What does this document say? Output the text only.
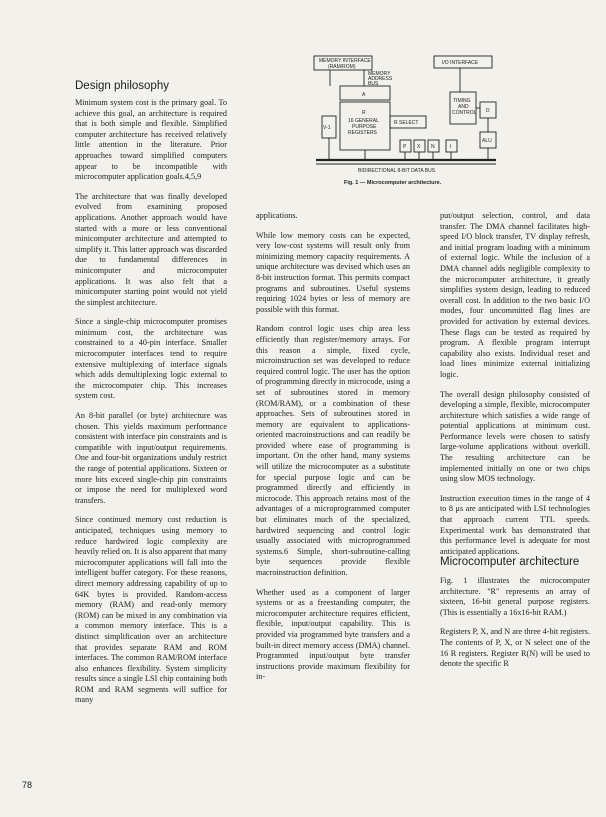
Design philosophy

Minimum system cost is the primary goal. To achieve this goal, an architecture is required that is both simple and flexible. Simplified computer architecture has received relatively little attention in the literature. Prior approaches toward simplified computers appear to be incompatible with microcomputer application goals.4,5,9

The architecture that was finally developed evolved from examining proposed applications. Another approach would have started with a more or less conventional minicomputer architecture and attempted to simplify it. This latter approach was discarded due to fundamental differences in minicomputer and microcomputer applications. It was also felt that a minicomputer starting point would not yield the simplest architecture.

Since a single-chip microcomputer promises minimum cost, the architecture was constrained to a 40-pin interface. Smaller microcomputer interfaces tend to require extensive multiplexing of interface signals which adds demultiplexing logic external to the microcomputer chip. This increases system cost.

An 8-bit parallel (or byte) architecture was chosen. This yields maximum performance consistent with interface pin constraints and is compatible with input/output requirements. One and four-bit organizations unduly restrict the range of potential applications. Sixteen or more bits exceed single-chip pin constraints or impose the need for multiplexed word transfers.

Since continued memory cost reduction is anticipated, techniques using memory to reduce hardwired logic complexity are heavily relied on. It is also apparent that many microcomputer applications will fall into the intelligent buffer category. For these reasons, direct memory addressing capability of up to 64K bytes is provided. Random-access memory (RAM) and read-only memory (ROM) can be mixed in any combination via a common memory interface. This is a distinct simplification over an architecture that provides separate RAM and ROM interfaces. The common RAM/ROM interface also enhances flexibility. System simplicity results since a single LSI chip containing both ROM and RAM segments will suffice for many

MEMORY INTERFACE
(RAM/ROM)
I/O INTERFACE
MEMORY
ADDRESS
BUS
A
R
16 GENERAL
PURPOSE
REGISTERS
R SELECT
V-1
TIMING
AND
CONTROL D
ALU
P X N	I
BIDIRECTIONAL 8-BIT DATA BUS
Fig. 1 — Microcomputer architecture.

applications.

While low memory costs can be expected, very low-cost systems will result only from minimizing memory capacity requirements. A unique architecture was devised which uses an 8-bit instruction format. This permits compact programs and subroutines. Useful systems requiring 1024 bytes or less of memory are possible with this format.

Random control logic uses chip area less efficiently than register/memory arrays. For this reason a simple, fixed cycle, microinstruction set was developed to reduce required control logic. The user has the option of programming directly in microcode, using a set of subroutines stored in memory (ROM/RAM), or a combination of these approaches. Sets of subroutines stored in memory are equivalent to applications-oriented macroinstructions and can readily be provided where ease of programming is important. On the other hand, many systems will utilize the microcomputer as a substitute for special purpose logic and can be programmed directly and efficiently in microcode. This approach retains most of the advantages of a microprogrammed computer but eliminates much of the specialized, hardwired sequencing and control logic usually associated with microprogrammed systems.6 Simple, short-subroutine-calling byte sequences provide flexible macroinstruction definition.

Whether used as a component of larger systems or as a freestanding computer, the microcomputer architecture requires efficient, flexible, input/output capability. This is provided via programmed byte transfers and a built-in direct memory access (DMA) channel. Programmed input/output byte transfer instructions provide maximum flexibility for in-

put/output selection, control, and data transfer. The DMA channel facilitates high-speed I/O block transfer, TV display refresh, and initial program loading with a minimum of external logic. While the inclusion of a DMA channel adds negligible complexity to the microcomputer architecture, it greatly simplifies system design, leading to reduced overall cost. In addition to the two basic I/O modes, four uncommitted flag lines are provided for activation by external devices. These flags can be tested as required by program. A flexible program interrupt capability also exists. Individual reset and load lines minimize external initializing logic.

The overall design philosophy consisted of developing a simple, flexible, microcomputer architecture which satisfies a wide range of potential applications at minimum cost. Performance levels were chosen to satisfy large-volume applications without overkill. The resulting architecture can be implemented initially on one or two chips using slow MOS technology.

Instruction execution times in the range of 4 to 8 μs are anticipated with LSI technologies that approach current TTL speeds. Experimental work has demonstrated that this performance level is adequate for most anticipated applications.

Microcomputer architecture

Fig. 1 illustrates the microcomputer architecture. "R" represents an array of sixteen, 16-bit general purpose registers. (This is essentially a 16x16-bit RAM.)

Registers P, X, and N are three 4-bit registers. The contents of P, X, or N select one of the 16 R registers. Register R(N) will be used to denote the specific R

78
